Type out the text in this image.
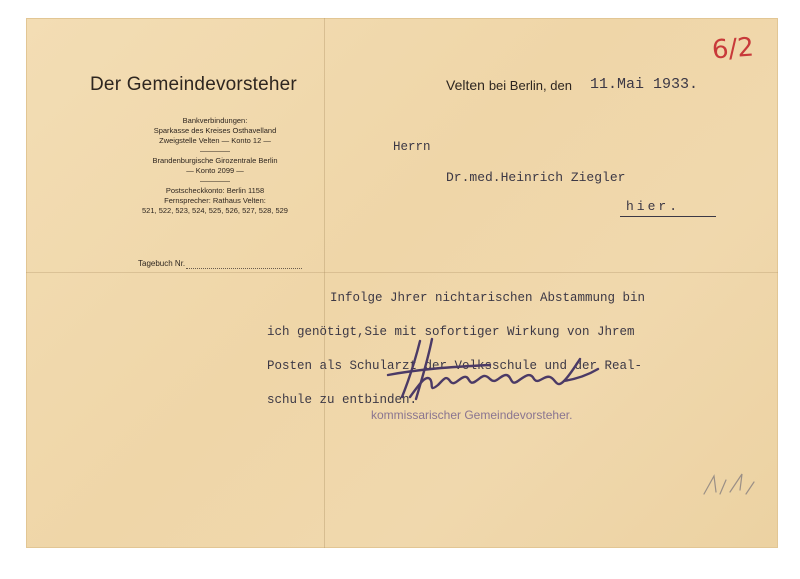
6/2
Der Gemeindevorsteher	Velten bei Berlin, den 11.Mai 1933.
Bankverbindungen:
Sparkasse des Kreises Osthavelland
Zweigstelle Velten — Konto 12 —
————
Brandenburgische Girozentrale Berlin
— Konto 2099 —
————
Postscheckkonto: Berlin 1158
Fernsprecher: Rathaus Velten:
521, 522, 523, 524, 525, 526, 527, 528, 529
Tagebuch Nr.
Herrn
Dr.med.Heinrich Ziegler
hier.

Infolge Jhrer nichtarischen Abstammung bin

ich genötigt,Sie mit sofortiger Wirkung von Jhrem

Posten als Schularzt der Volksschule und der Real-

schule zu entbinden.

kommissarischer Gemeindevorsteher.
